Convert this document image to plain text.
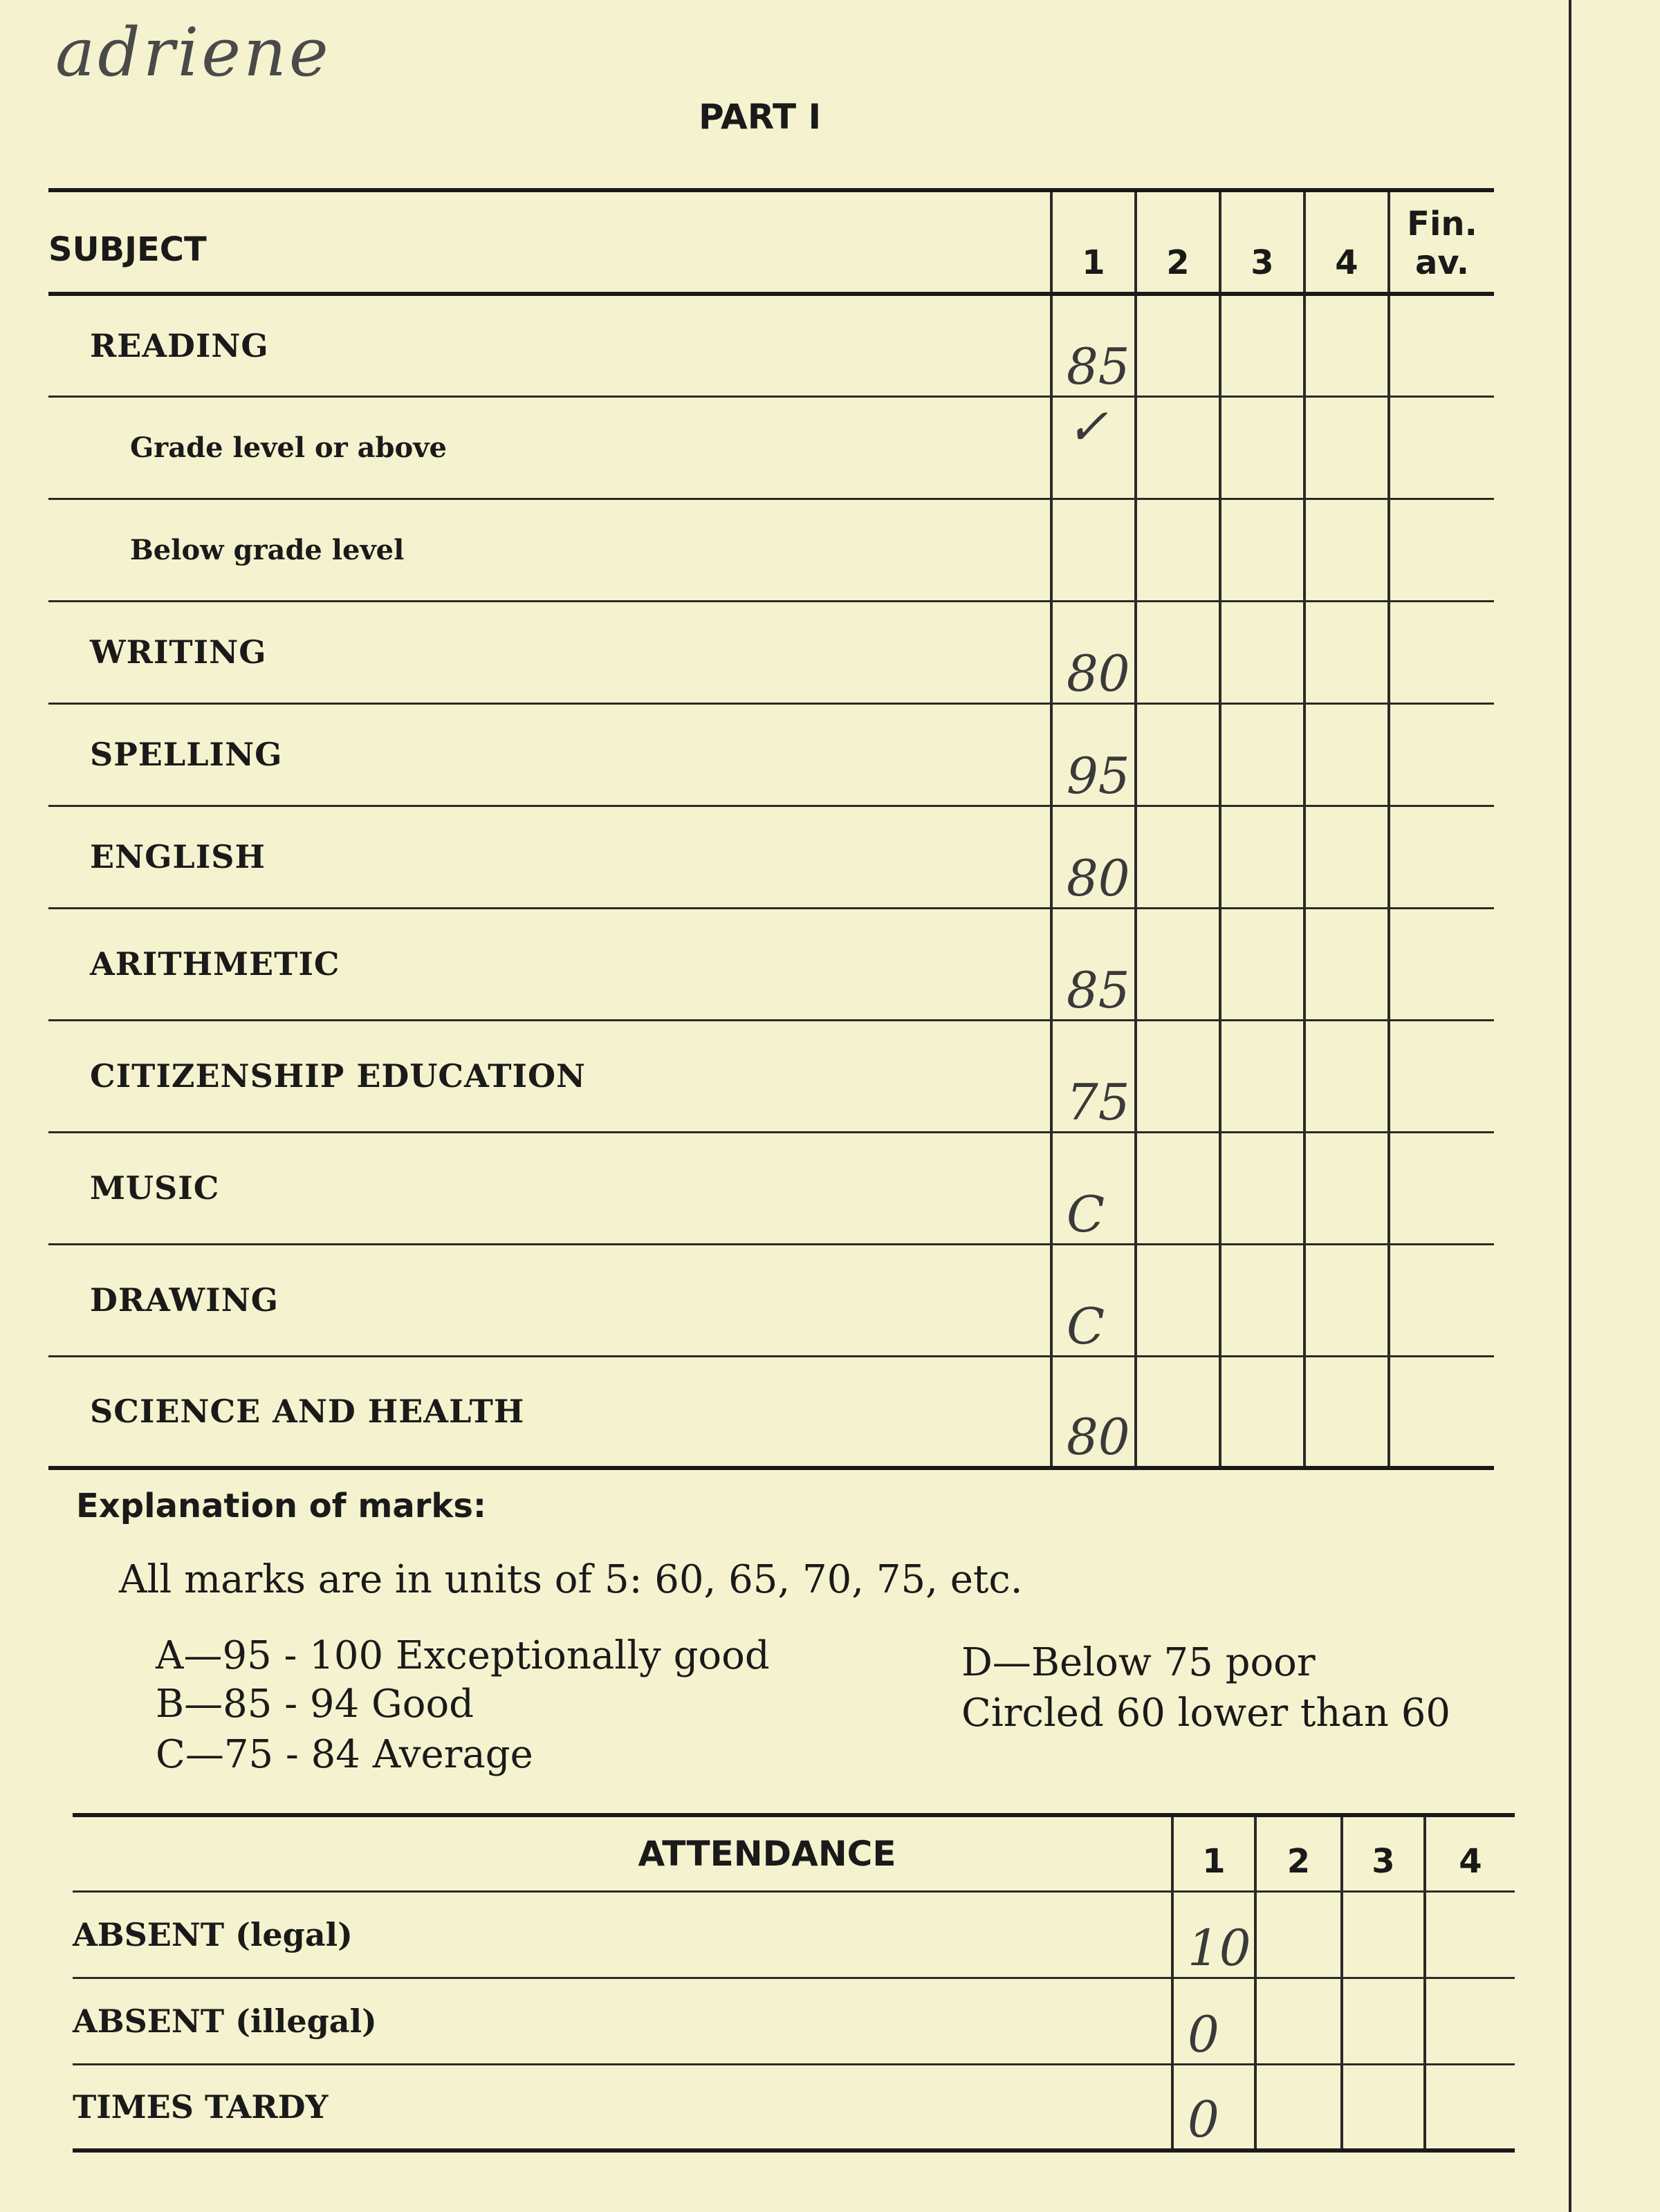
adriene
PART I
SUBJECT	1	2	3	4	Fin.
av.

READING	85				
Grade level or above	✓				
Below grade level					
WRITING	80				
SPELLING	95				
ENGLISH	80				
ARITHMETIC	85				
CITIZENSHIP EDUCATION	75				
MUSIC	C				
DRAWING	C				
SCIENCE AND HEALTH	80				
Explanation of marks:
All marks are in units of 5: 60, 65, 70, 75, etc.
A—95 - 100 Exceptionally good
B—85 - 94 Good
C—75 - 84 Average
D—Below 75 poor
Circled 60 lower than 60
ATTENDANCE	1	2	3	4
ABSENT (legal)	10			
ABSENT (illegal)	0			
TIMES TARDY	0			
